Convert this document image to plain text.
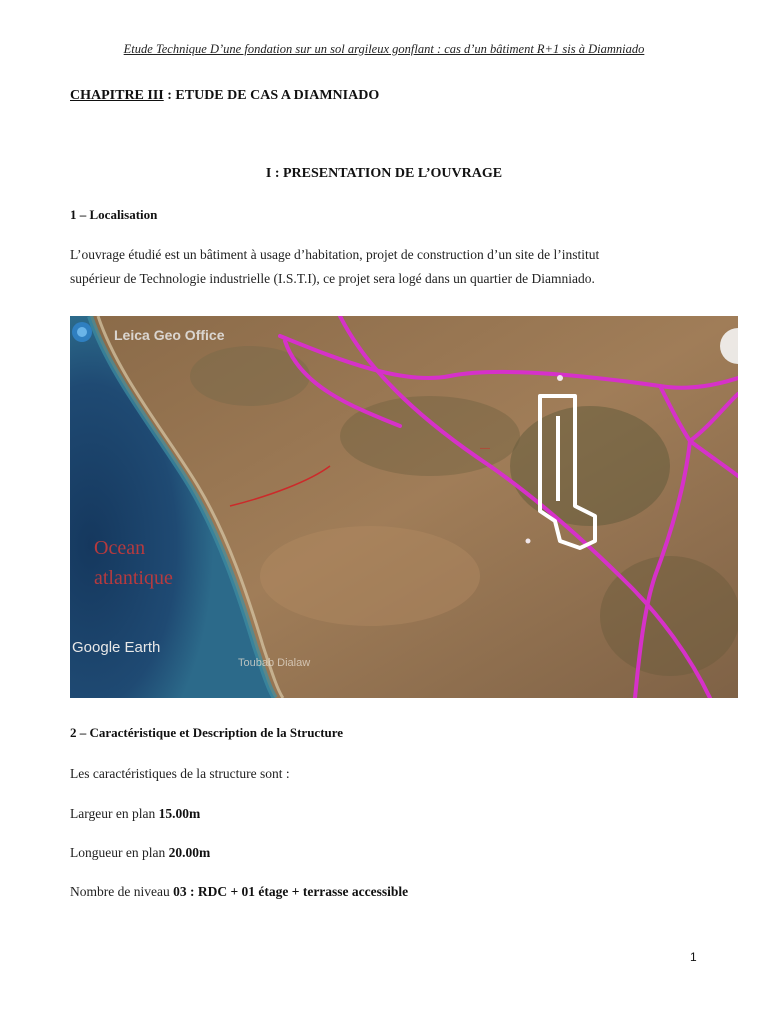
Etude Technique D’une fondation sur un sol argileux gonflant : cas d’un bâtiment R+1 sis à Diamniado
CHAPITRE III : ETUDE DE CAS A DIAMNIADO
I : PRESENTATION DE L’OUVRAGE
1 – Localisation
L’ouvrage étudié est un bâtiment à usage d’habitation, projet de construction d’un site de l’institut
supérieur de Technologie industrielle (I.S.T.I), ce projet sera logé dans un quartier de Diamniado.
—
Leica Geo Office
Ocean
atlantique
Google Earth
Toubab Dialaw
2 – Caractéristique et Description de la Structure
Les caractéristiques de la structure sont :
Largeur en plan 15.00m
Longueur en plan 20.00m
Nombre de niveau 03 : RDC + 01 étage + terrasse accessible
1
